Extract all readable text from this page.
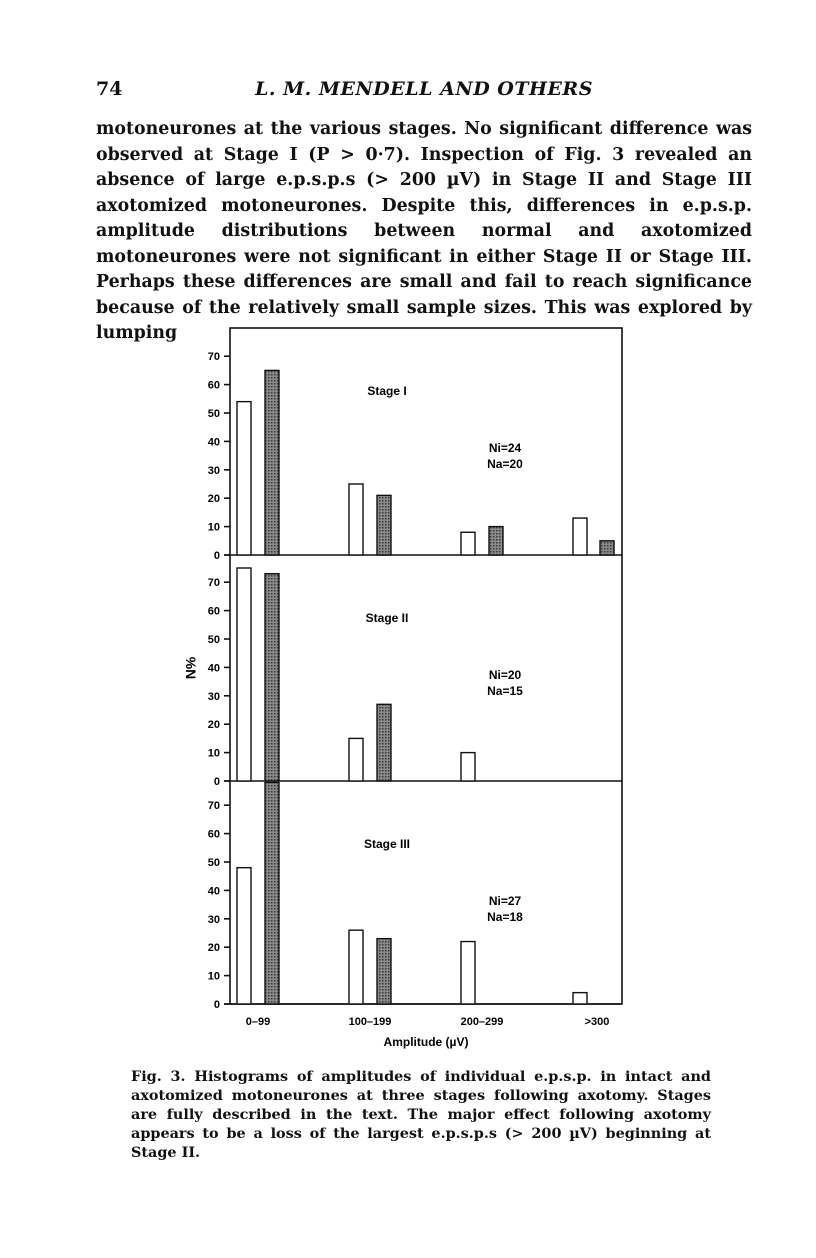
74	L. M. MENDELL AND OTHERS

motoneurones at the various stages. No significant difference was observed at Stage I (P > 0·7). Inspection of Fig. 3 revealed an absence of large e.p.s.p.s (> 200 µV) in Stage II and Stage III axotomized motoneurones. Despite this, differences in e.p.s.p. amplitude distributions between normal and axotomized motoneurones were not significant in either Stage II or Stage III. Perhaps these differences are small and fail to reach significance because of the relatively small sample sizes. This was explored by lumping

0
10
20
30
40
50
60
70
Stage I
Ni=24
Na=20
0
10
20
30
40
50
60
70
Stage II
Ni=20
Na=15
0
10
20
30
40
50
60
70
Stage III
Ni=27
Na=18
0–99	100–199	200–299	>300
Amplitude (µV)
%N

Fig. 3. Histograms of amplitudes of individual e.p.s.p. in intact and axotomized motoneurones at three stages following axotomy. Stages are fully described in the text. The major effect following axotomy appears to be a loss of the largest e.p.s.p.s (> 200 µV) beginning at Stage II.
